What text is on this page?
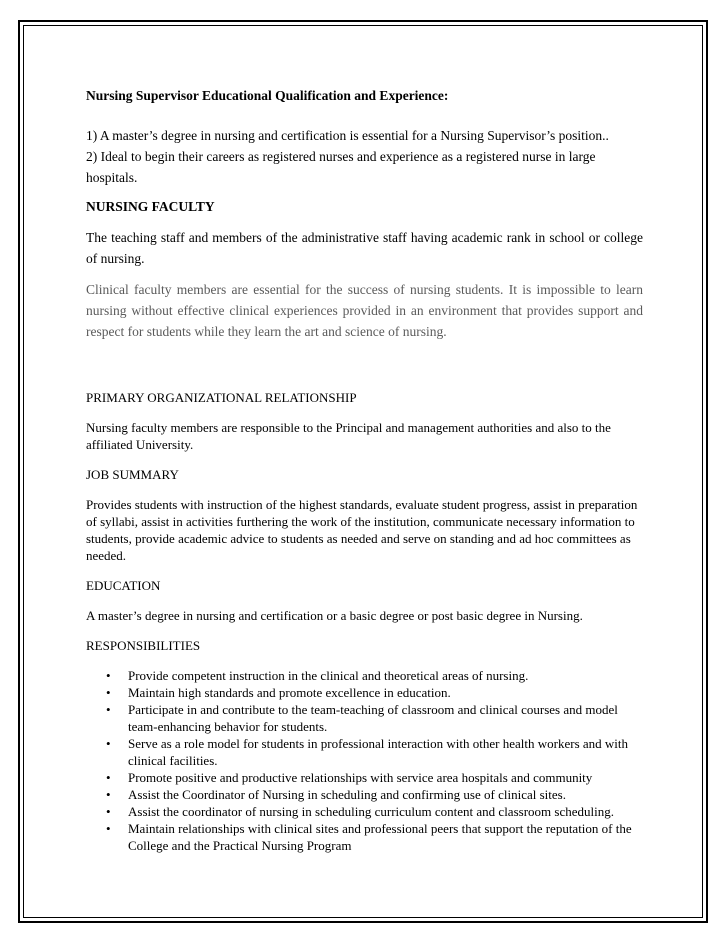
Nursing Supervisor Educational Qualification and Experience:

1) A master’s degree in nursing and certification is essential for a Nursing Supervisor’s position..

2) Ideal to begin their careers as registered nurses and experience as a registered nurse in large hospitals.

NURSING FACULTY

The teaching staff and members of the administrative staff having academic rank in school or college of nursing.

Clinical faculty members are essential for the success of nursing students. It is impossible to learn nursing without effective clinical experiences provided in an environment that provides support and respect for students while they learn the art and science of nursing.

PRIMARY ORGANIZATIONAL RELATIONSHIP

Nursing faculty members are responsible to the Principal and management authorities and also to the affiliated University.

JOB SUMMARY

Provides students with instruction of the highest standards, evaluate student progress, assist in preparation of syllabi, assist in activities furthering the work of the institution, communicate necessary information to students, provide academic advice to students as needed and serve on standing and ad hoc committees as needed.

EDUCATION

A master’s degree in nursing and certification or a basic degree or post basic degree in Nursing.

RESPONSIBILITIES

• Provide competent instruction in the clinical and theoretical areas of nursing.
• Maintain high standards and promote excellence in education.
• Participate in and contribute to the team-teaching of classroom and clinical courses and model team-enhancing behavior for students.
• Serve as a role model for students in professional interaction with other health workers and with clinical facilities.
• Promote positive and productive relationships with service area hospitals and community
• Assist the Coordinator of Nursing in scheduling and confirming use of clinical sites.
• Assist the coordinator of nursing in scheduling curriculum content and classroom scheduling.
• Maintain relationships with clinical sites and professional peers that support the reputation of the College and the Practical Nursing Program
